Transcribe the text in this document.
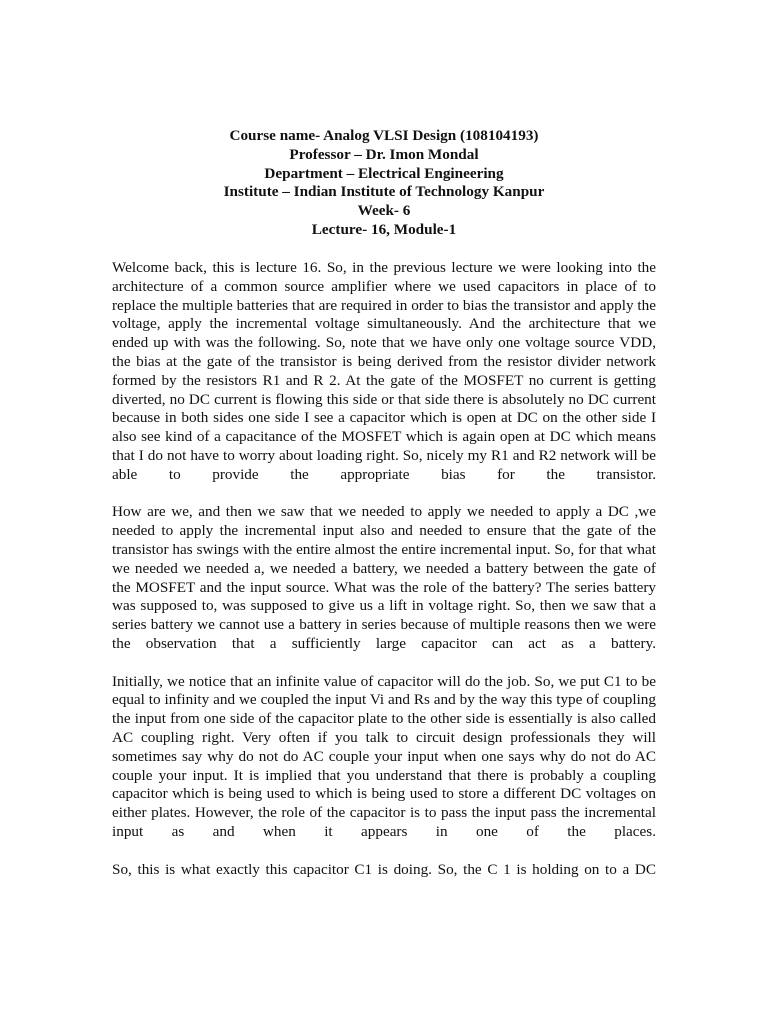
Course name- Analog VLSI Design (108104193)
Professor – Dr. Imon Mondal
Department – Electrical Engineering
Institute – Indian Institute of Technology Kanpur
Week- 6
Lecture- 16, Module-1

Welcome back, this is lecture 16. So, in the previous lecture we were looking into the architecture of a common source amplifier where we used capacitors in place of to replace the multiple batteries that are required in order to bias the transistor and apply the voltage, apply the incremental voltage simultaneously. And the architecture that we ended up with was the following. So, note that we have only one voltage source VDD, the bias at the gate of the transistor is being derived from the resistor divider network formed by the resistors R1 and R 2. At the gate of the MOSFET no current is getting diverted, no DC current is flowing this side or that side there is absolutely no DC current because in both sides one side I see a capacitor which is open at DC on the other side I also see kind of a capacitance of the MOSFET which is again open at DC which means that I do not have to worry about loading right. So, nicely my R1 and R2 network will be able to provide the appropriate bias for the transistor.

How are we, and then we saw that we needed to apply we needed to apply a DC ,we needed to apply the incremental input also and needed to ensure that the gate of the transistor has swings with the entire almost the entire incremental input. So, for that what we needed we needed a, we needed a battery, we needed a battery between the gate of the MOSFET and the input source. What was the role of the battery? The series battery was supposed to, was supposed to give us a lift in voltage right. So, then we saw that a series battery we cannot use a battery in series because of multiple reasons then we were the observation that a sufficiently large capacitor can act as a battery.

Initially, we notice that an infinite value of capacitor will do the job. So, we put C1 to be equal to infinity and we coupled the input Vi and Rs and by the way this type of coupling the input from one side of the capacitor plate to the other side is essentially is also called AC coupling right. Very often if you talk to circuit design professionals they will sometimes say why do not do AC couple your input when one says why do not do AC couple your input. It is implied that you understand that there is probably a coupling capacitor which is being used to which is being used to store a different DC voltages on either plates. However, the role of the capacitor is to pass the input pass the incremental input as and when it appears in one of the places.

So, this is what exactly this capacitor C1 is doing. So, the C 1 is holding on to a DC
